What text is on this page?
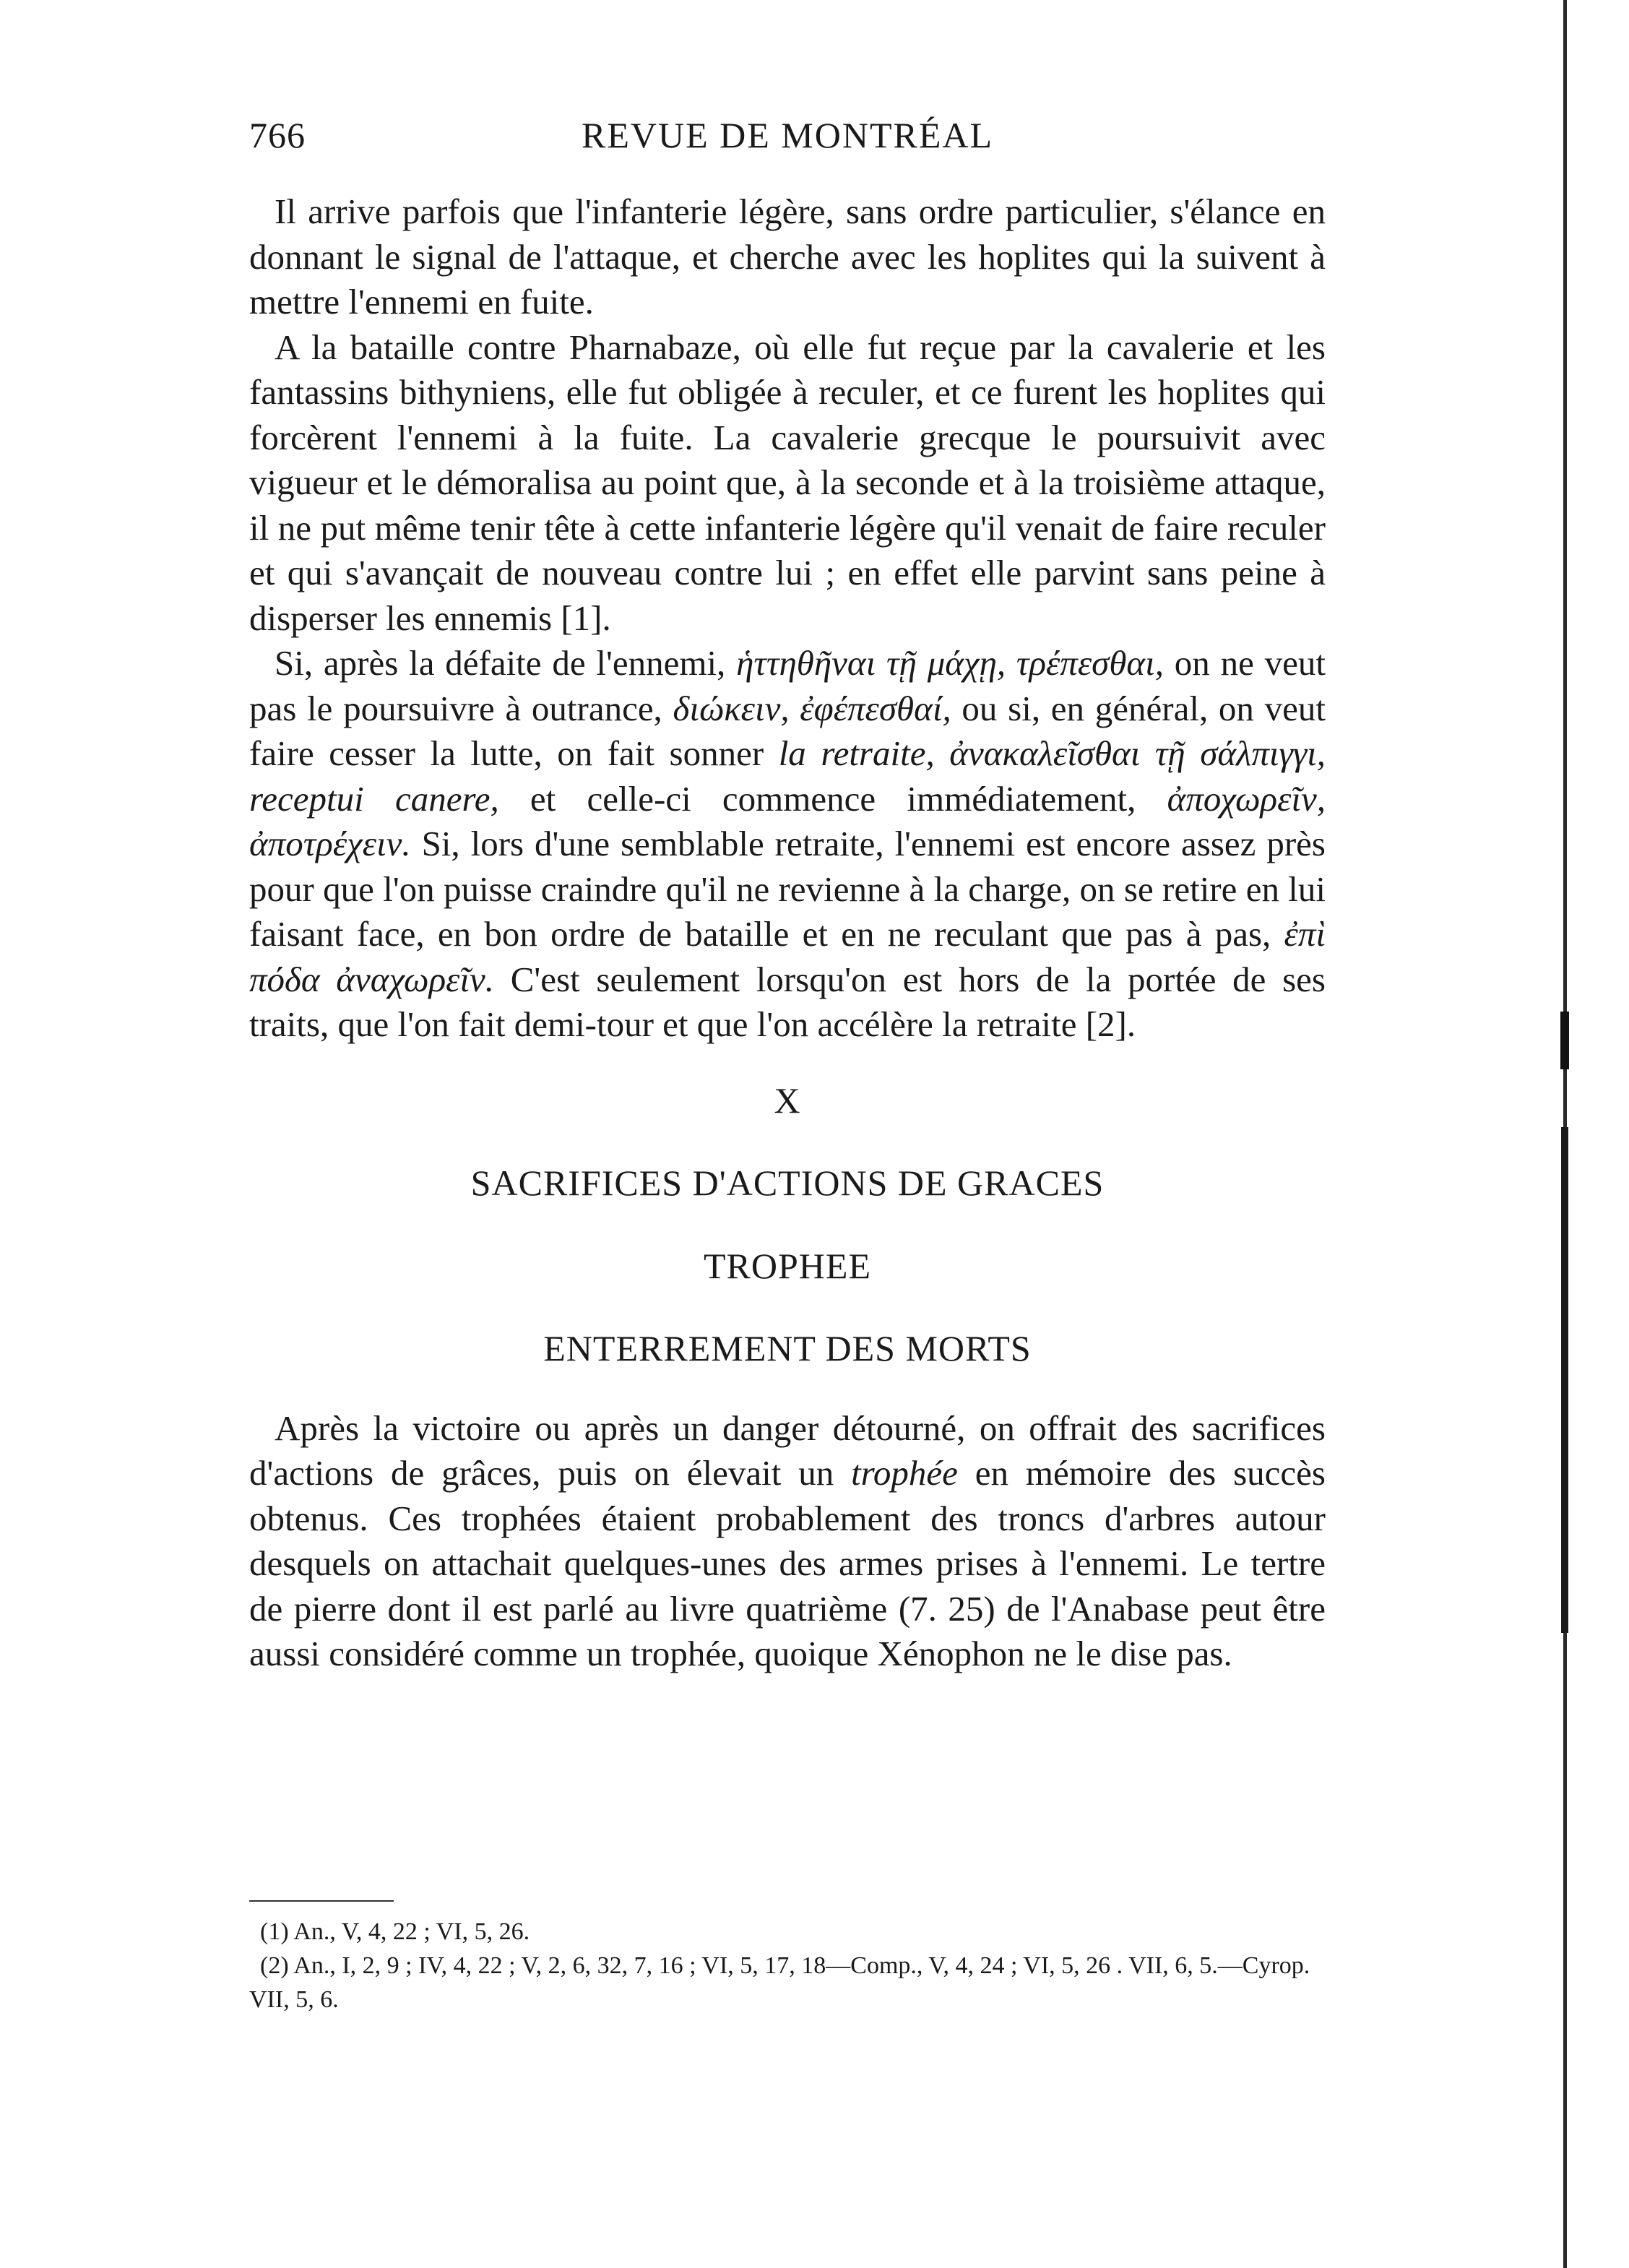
766	REVUE DE MONTRÉAL

Il arrive parfois que l'infanterie légère, sans ordre particulier, s'élance en donnant le signal de l'attaque, et cherche avec les hoplites qui la suivent à mettre l'ennemi en fuite.

A la bataille contre Pharnabaze, où elle fut reçue par la cavalerie et les fantassins bithyniens, elle fut obligée à reculer, et ce furent les hoplites qui forcèrent l'ennemi à la fuite. La cavalerie grecque le poursuivit avec vigueur et le démoralisa au point que, à la seconde et à la troisième attaque, il ne put même tenir tête à cette infanterie légère qu'il venait de faire reculer et qui s'avançait de nouveau contre lui ; en effet elle parvint sans peine à disperser les ennemis [1].

Si, après la défaite de l'ennemi, ἡττηθῆναι τῇ μάχῃ, τρέπεσθαι, on ne veut pas le poursuivre à outrance, διώκειν, ἐφέπεσθαί, ou si, en général, on veut faire cesser la lutte, on fait sonner la retraite, ἀνακαλεῖσθαι τῇ σάλπιγγι, receptui canere, et celle-ci commence immédiatement, ἀποχωρεῖν, ἀποτρέχειν. Si, lors d'une semblable retraite, l'ennemi est encore assez près pour que l'on puisse craindre qu'il ne revienne à la charge, on se retire en lui faisant face, en bon ordre de bataille et en ne reculant que pas à pas, ἐπὶ πόδα ἀναχωρεῖν. C'est seulement lorsqu'on est hors de la portée de ses traits, que l'on fait demi-tour et que l'on accélère la retraite [2].

X
SACRIFICES D'ACTIONS DE GRACES
TROPHEE
ENTERREMENT DES MORTS

Après la victoire ou après un danger détourné, on offrait des sacrifices d'actions de grâces, puis on élevait un trophée en mémoire des succès obtenus. Ces trophées étaient probablement des troncs d'arbres autour desquels on attachait quelques-unes des armes prises à l'ennemi. Le tertre de pierre dont il est parlé au livre quatrième (7. 25) de l'Anabase peut être aussi considéré comme un trophée, quoique Xénophon ne le dise pas.

(1) An., V, 4, 22 ; VI, 5, 26.

(2) An., I, 2, 9 ; IV, 4, 22 ; V, 2, 6, 32, 7, 16 ; VI, 5, 17, 18—Comp., V, 4, 24 ; VI, 5, 26 . VII, 6, 5.—Cyrop. VII, 5, 6.
